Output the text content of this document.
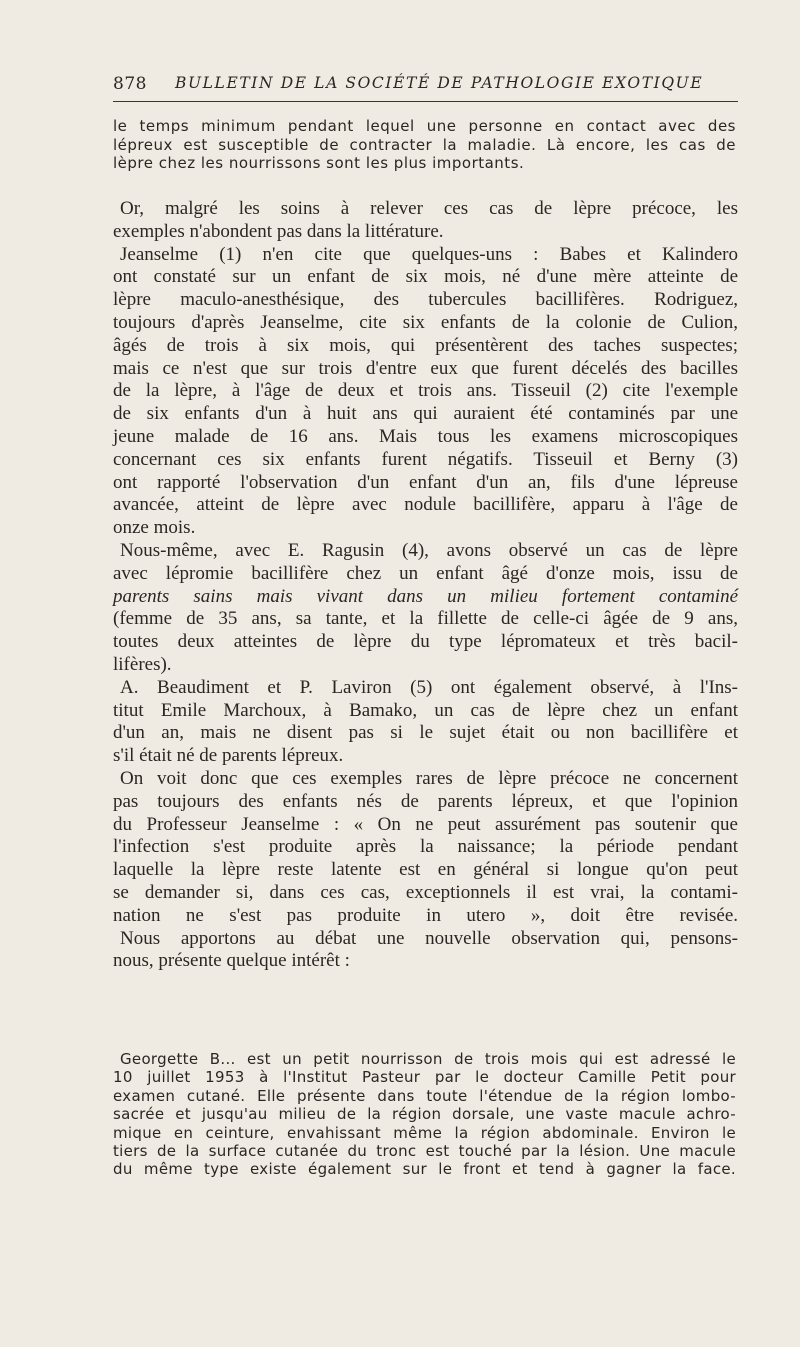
878 BULLETIN DE LA SOCIÉTÉ DE PATHOLOGIE EXOTIQUE
le temps minimum pendant lequel une personne en contact avec des
lépreux est susceptible de contracter la maladie. Là encore, les cas de
lèpre chez les nourrissons sont les plus importants.
Or, malgré les soins à relever ces cas de lèpre précoce, les
exemples n'abondent pas dans la littérature.
Jeanselme (1) n'en cite que quelques-uns : Babes et Kalindero
ont constaté sur un enfant de six mois, né d'une mère atteinte de
lèpre maculo-anesthésique, des tubercules bacillifères. Rodriguez,
toujours d'après Jeanselme, cite six enfants de la colonie de Culion,
âgés de trois à six mois, qui présentèrent des taches suspectes;
mais ce n'est que sur trois d'entre eux que furent décelés des bacilles
de la lèpre, à l'âge de deux et trois ans. Tisseuil (2) cite l'exemple
de six enfants d'un à huit ans qui auraient été contaminés par une
jeune malade de 16 ans. Mais tous les examens microscopiques
concernant ces six enfants furent négatifs. Tisseuil et Berny (3)
ont rapporté l'observation d'un enfant d'un an, fils d'une lépreuse
avancée, atteint de lèpre avec nodule bacillifère, apparu à l'âge de
onze mois.
Nous-même, avec E. Ragusin (4), avons observé un cas de lèpre
avec lépromie bacillifère chez un enfant âgé d'onze mois, issu de
parents sains mais vivant dans un milieu fortement contaminé
(femme de 35 ans, sa tante, et la fillette de celle-ci âgée de 9 ans,
toutes deux atteintes de lèpre du type lépromateux et très bacil-
lifères).
A. Beaudiment et P. Laviron (5) ont également observé, à l'Ins-
titut Emile Marchoux, à Bamako, un cas de lèpre chez un enfant
d'un an, mais ne disent pas si le sujet était ou non bacillifère et
s'il était né de parents lépreux.
On voit donc que ces exemples rares de lèpre précoce ne concernent
pas toujours des enfants nés de parents lépreux, et que l'opinion
du Professeur Jeanselme : « On ne peut assurément pas soutenir que
l'infection s'est produite après la naissance; la période pendant
laquelle la lèpre reste latente est en général si longue qu'on peut
se demander si, dans ces cas, exceptionnels il est vrai, la contami-
nation ne s'est pas produite in utero », doit être revisée.
Nous apportons au débat une nouvelle observation qui, pensons-
nous, présente quelque intérêt :
Georgette B... est un petit nourrisson de trois mois qui est adressé le
10 juillet 1953 à l'Institut Pasteur par le docteur Camille Petit pour
examen cutané. Elle présente dans toute l'étendue de la région lombo-
sacrée et jusqu'au milieu de la région dorsale, une vaste macule achro-
mique en ceinture, envahissant même la région abdominale. Environ le
tiers de la surface cutanée du tronc est touché par la lésion. Une macule
du même type existe également sur le front et tend à gagner la face.
